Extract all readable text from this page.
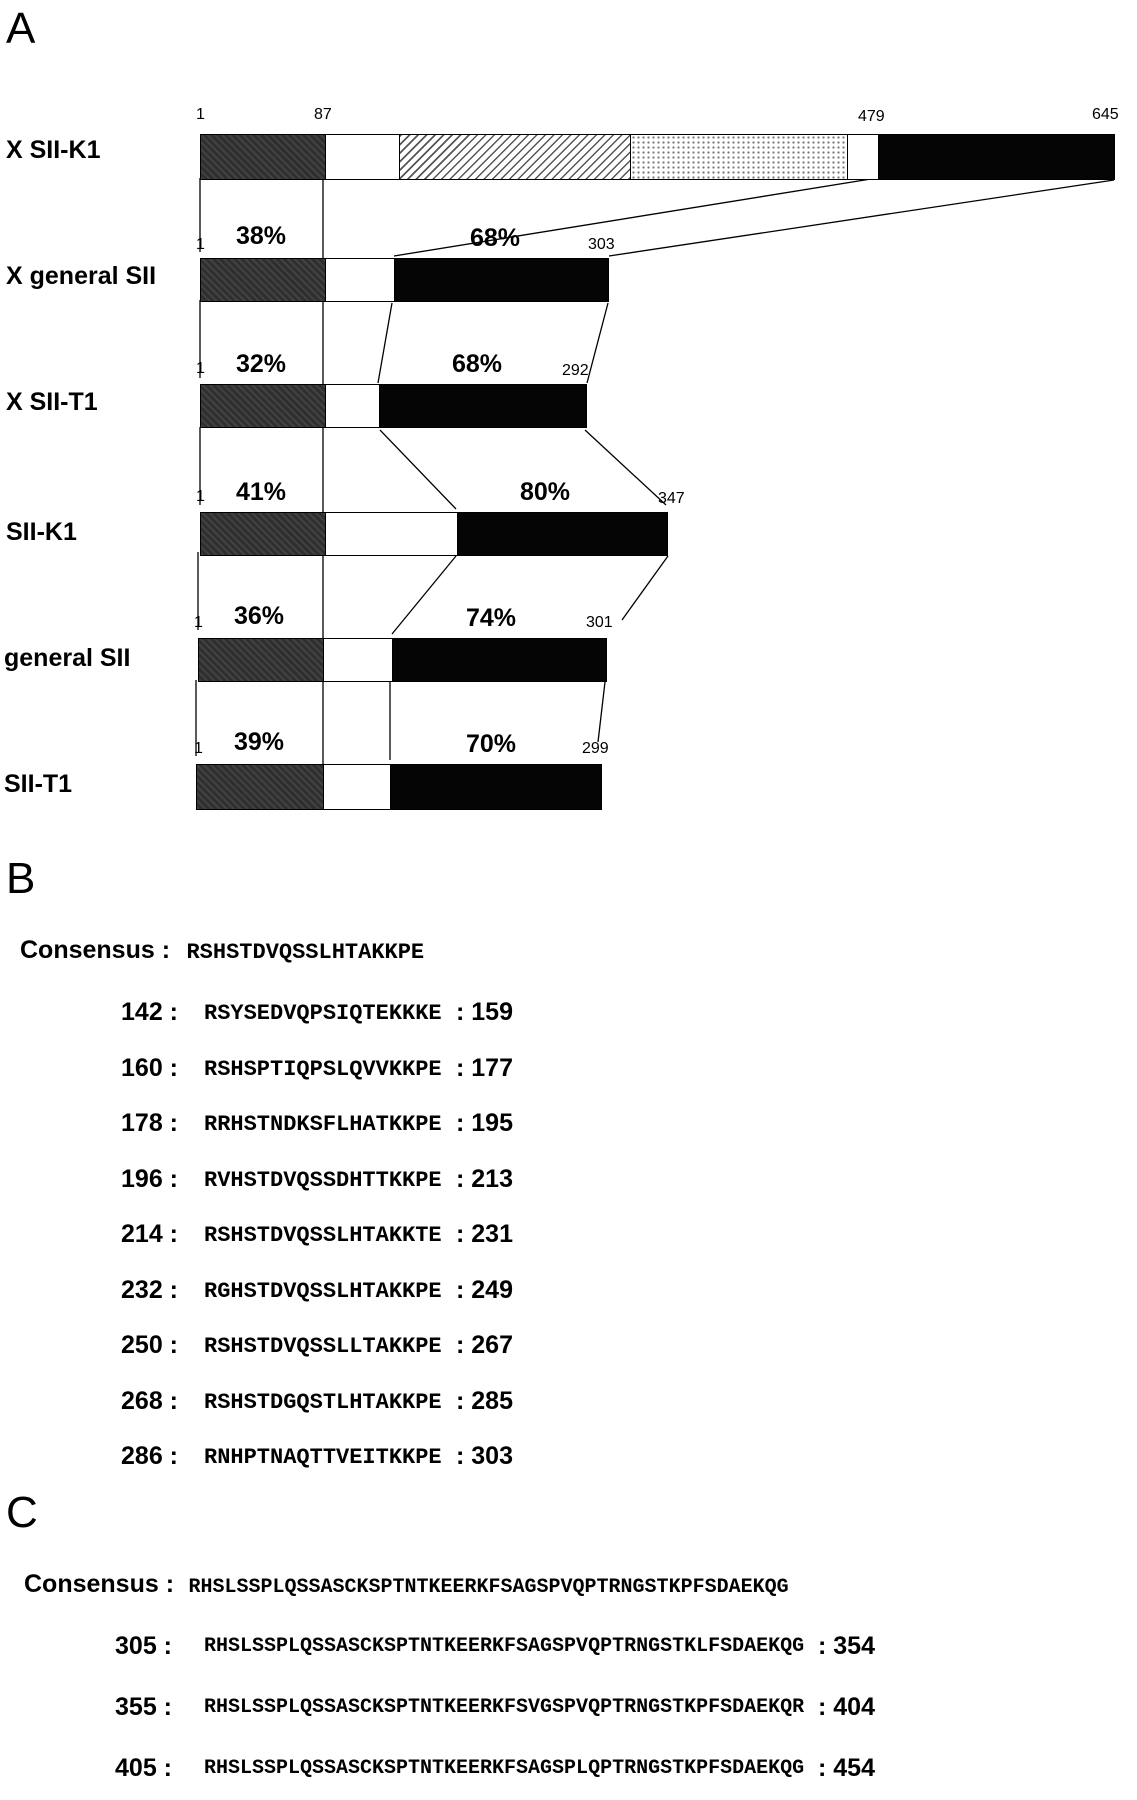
A
X SII-K1
1	87	479	645
1 38%	68%	303
X general SII
1 32%	68%	292
X SII-T1
1 41%	80%	347
SII-K1
1 36%	74%	301
general SII
1 39%	70%	299
SII-T1
B
Consensus : RSHSTDVQSSLHTAKKPE
142 : RSYSEDVQPSIQTEKKKE : 159
160 : RSHSPTIQPSLQVVKKPE : 177
178 : RRHSTNDKSFLHATKKPE : 195
196 : RVHSTDVQSSDHTTKKPE : 213
214 : RSHSTDVQSSLHTAKKTE : 231
232 : RGHSTDVQSSLHTAKKPE : 249
250 : RSHSTDVQSSLLTAKKPE : 267
268 : RSHSTDGQSTLHTAKKPE : 285
286 : RNHPTNAQTTVEITKKPE : 303
C
Consensus : RHSLSSPLQSSASCKSPTNTKEERKFSAGSPVQPTRNGSTKPFSDAEKQG
305 : RHSLSSPLQSSASCKSPTNTKEERKFSAGSPVQPTRNGSTKLFSDAEKQG : 354
355 : RHSLSSPLQSSASCKSPTNTKEERKFSVGSPVQPTRNGSTKPFSDAEKQR : 404
405 : RHSLSSPLQSSASCKSPTNTKEERKFSAGSPLQPTRNGSTKPFSDAEKQG : 454
